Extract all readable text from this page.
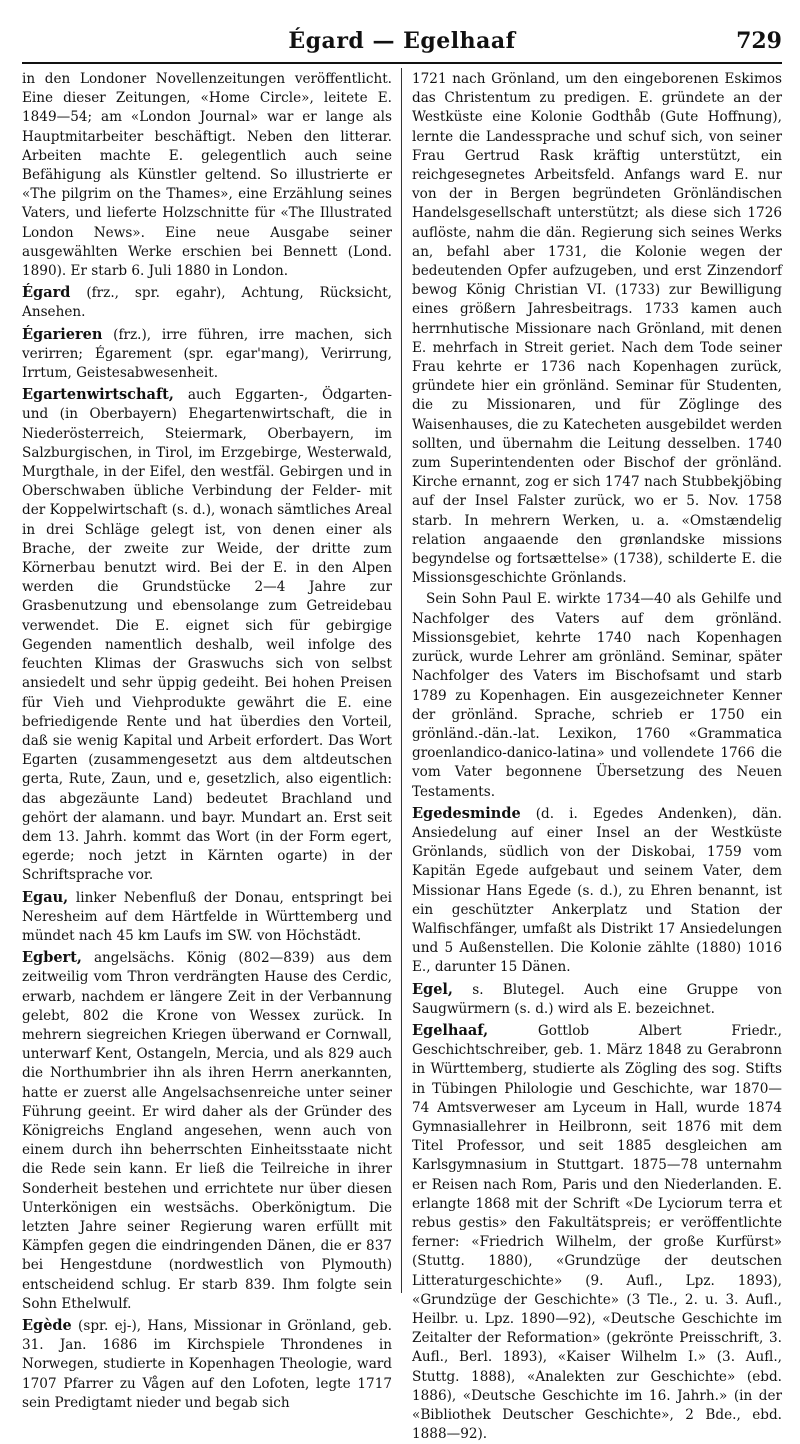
Égard — Egelhaaf	729

in den Londoner Novellenzeitungen veröffentlicht. Eine dieser Zeitungen, «Home Circle», leitete E. 1849—54; am «London Journal» war er lange als Hauptmitarbeiter beschäftigt. Neben den litterar. Arbeiten machte E. gelegentlich auch seine Befähigung als Künstler geltend. So illustrierte er «The pilgrim on the Thames», eine Erzählung seines Vaters, und lieferte Holzschnitte für «The Illustrated London News». Eine neue Ausgabe seiner ausgewählten Werke erschien bei Bennett (Lond. 1890). Er starb 6. Juli 1880 in London.

Égard (frz., spr. egahr), Achtung, Rücksicht, Ansehen.

Égarieren (frz.), irre führen, irre machen, sich verirren; Égarement (spr. egar'mang), Verirrung, Irrtum, Geistesabwesenheit.

Egartenwirtschaft, auch Eggarten-, Ödgarten- und (in Oberbayern) Ehegartenwirtschaft, die in Niederösterreich, Steiermark, Oberbayern, im Salzburgischen, in Tirol, im Erzgebirge, Westerwald, Murgthale, in der Eifel, den westfäl. Gebirgen und in Oberschwaben übliche Verbindung der Felder- mit der Koppelwirtschaft (s. d.), wonach sämtliches Areal in drei Schläge gelegt ist, von denen einer als Brache, der zweite zur Weide, der dritte zum Körnerbau benutzt wird. Bei der E. in den Alpen werden die Grundstücke 2—4 Jahre zur Grasbenutzung und ebensolange zum Getreidebau verwendet. Die E. eignet sich für gebirgige Gegenden namentlich deshalb, weil infolge des feuchten Klimas der Graswuchs sich von selbst ansiedelt und sehr üppig gedeiht. Bei hohen Preisen für Vieh und Viehprodukte gewährt die E. eine befriedigende Rente und hat überdies den Vorteil, daß sie wenig Kapital und Arbeit erfordert. Das Wort Egarten (zusammengesetzt aus dem altdeutschen gerta, Rute, Zaun, und e, gesetzlich, also eigentlich: das abgezäunte Land) bedeutet Brachland und gehört der alamann. und bayr. Mundart an. Erst seit dem 13. Jahrh. kommt das Wort (in der Form egert, egerde; noch jetzt in Kärnten ogarte) in der Schriftsprache vor.

Egau, linker Nebenfluß der Donau, entspringt bei Neresheim auf dem Härtfelde in Württemberg und mündet nach 45 km Laufs im SW. von Höchstädt.

Egbert, angelsächs. König (802—839) aus dem zeitweilig vom Thron verdrängten Hause des Cerdic, erwarb, nachdem er längere Zeit in der Verbannung gelebt, 802 die Krone von Wessex zurück. In mehrern siegreichen Kriegen überwand er Cornwall, unterwarf Kent, Ostangeln, Mercia, und als 829 auch die Northumbrier ihn als ihren Herrn anerkannten, hatte er zuerst alle Angelsachsenreiche unter seiner Führung geeint. Er wird daher als der Gründer des Königreichs England angesehen, wenn auch von einem durch ihn beherrschten Einheitsstaate nicht die Rede sein kann. Er ließ die Teilreiche in ihrer Sonderheit bestehen und errichtete nur über diesen Unterkönigen ein westsächs. Oberkönigtum. Die letzten Jahre seiner Regierung waren erfüllt mit Kämpfen gegen die eindringenden Dänen, die er 837 bei Hengestdune (nordwestlich von Plymouth) entscheidend schlug. Er starb 839. Ihm folgte sein Sohn Ethelwulf.

Egède (spr. ej-), Hans, Missionar in Grönland, geb. 31. Jan. 1686 im Kirchspiele Throndenes in Norwegen, studierte in Kopenhagen Theologie, ward 1707 Pfarrer zu Vågen auf den Lofoten, legte 1717 sein Predigtamt nieder und begab sich

1721 nach Grönland, um den eingeborenen Eskimos das Christentum zu predigen. E. gründete an der Westküste eine Kolonie Godthåb (Gute Hoffnung), lernte die Landessprache und schuf sich, von seiner Frau Gertrud Rask kräftig unterstützt, ein reichgesegnetes Arbeitsfeld. Anfangs ward E. nur von der in Bergen begründeten Grönländischen Handelsgesellschaft unterstützt; als diese sich 1726 auflöste, nahm die dän. Regierung sich seines Werks an, befahl aber 1731, die Kolonie wegen der bedeutenden Opfer aufzugeben, und erst Zinzendorf bewog König Christian VI. (1733) zur Bewilligung eines größern Jahresbeitrags. 1733 kamen auch herrnhutische Missionare nach Grönland, mit denen E. mehrfach in Streit geriet. Nach dem Tode seiner Frau kehrte er 1736 nach Kopenhagen zurück, gründete hier ein grönländ. Seminar für Studenten, die zu Missionaren, und für Zöglinge des Waisenhauses, die zu Katecheten ausgebildet werden sollten, und übernahm die Leitung desselben. 1740 zum Superintendenten oder Bischof der grönländ. Kirche ernannt, zog er sich 1747 nach Stubbekjöbing auf der Insel Falster zurück, wo er 5. Nov. 1758 starb. In mehrern Werken, u. a. «Omstændelig relation angaaende den grønlandske missions begyndelse og fortsættelse» (1738), schilderte E. die Missionsgeschichte Grönlands.

Sein Sohn Paul E. wirkte 1734—40 als Gehilfe und Nachfolger des Vaters auf dem grönländ. Missionsgebiet, kehrte 1740 nach Kopenhagen zurück, wurde Lehrer am grönländ. Seminar, später Nachfolger des Vaters im Bischofsamt und starb 1789 zu Kopenhagen. Ein ausgezeichneter Kenner der grönländ. Sprache, schrieb er 1750 ein grönländ.-dän.-lat. Lexikon, 1760 «Grammatica groenlandico-danico-latina» und vollendete 1766 die vom Vater begonnene Übersetzung des Neuen Testaments.

Egedesminde (d. i. Egedes Andenken), dän. Ansiedelung auf einer Insel an der Westküste Grönlands, südlich von der Diskobai, 1759 vom Kapitän Egede aufgebaut und seinem Vater, dem Missionar Hans Egede (s. d.), zu Ehren benannt, ist ein geschützter Ankerplatz und Station der Walfischfänger, umfaßt als Distrikt 17 Ansiedelungen und 5 Außenstellen. Die Kolonie zählte (1880) 1016 E., darunter 15 Dänen.

Egel, s. Blutegel. Auch eine Gruppe von Saugwürmern (s. d.) wird als E. bezeichnet.

Egelhaaf, Gottlob Albert Friedr., Geschichtschreiber, geb. 1. März 1848 zu Gerabronn in Württemberg, studierte als Zögling des sog. Stifts in Tübingen Philologie und Geschichte, war 1870—74 Amtsverweser am Lyceum in Hall, wurde 1874 Gymnasiallehrer in Heilbronn, seit 1876 mit dem Titel Professor, und seit 1885 desgleichen am Karlsgymnasium in Stuttgart. 1875—78 unternahm er Reisen nach Rom, Paris und den Niederlanden. E. erlangte 1868 mit der Schrift «De Lyciorum terra et rebus gestis» den Fakultätspreis; er veröffentlichte ferner: «Friedrich Wilhelm, der große Kurfürst» (Stuttg. 1880), «Grundzüge der deutschen Litteraturgeschichte» (9. Aufl., Lpz. 1893), «Grundzüge der Geschichte» (3 Tle., 2. u. 3. Aufl., Heilbr. u. Lpz. 1890—92), «Deutsche Geschichte im Zeitalter der Reformation» (gekrönte Preisschrift, 3. Aufl., Berl. 1893), «Kaiser Wilhelm I.» (3. Aufl., Stuttg. 1888), «Analekten zur Geschichte» (ebd. 1886), «Deutsche Geschichte im 16. Jahrh.» (in der «Bibliothek Deutscher Geschichte», 2 Bde., ebd. 1888—92).
